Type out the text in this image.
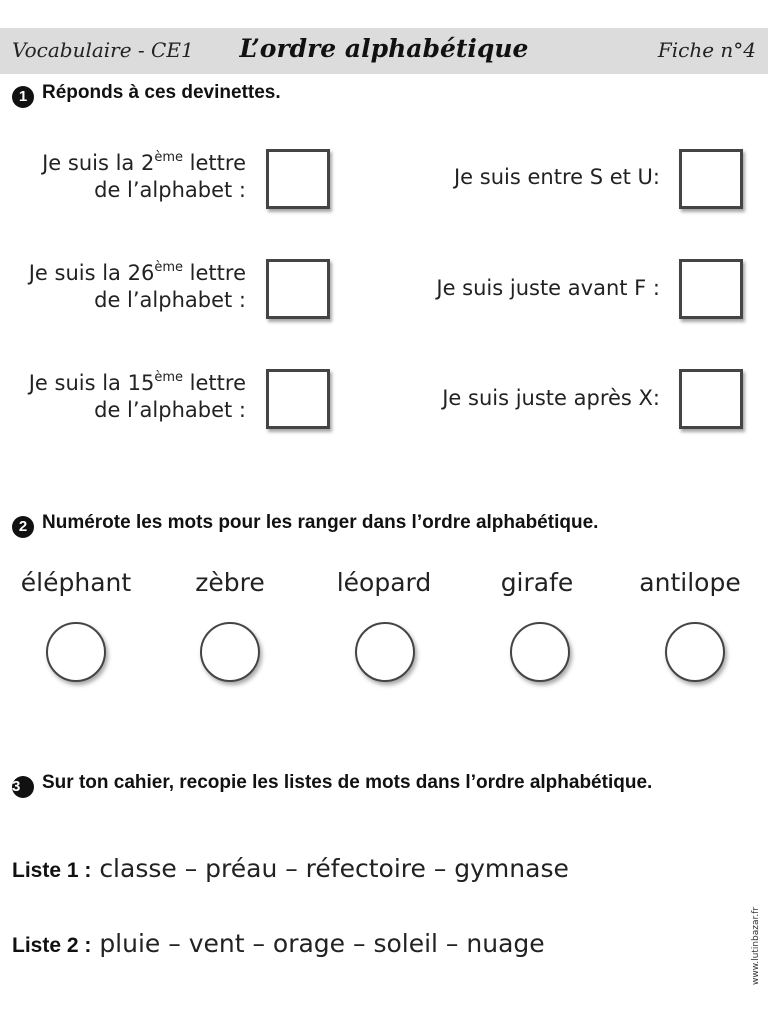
Vocabulaire - CE1	L’ordre alphabétique	Fiche n°4
1 Réponds à ces devinettes.
Je suis la 2ème lettre
de l’alphabet :
Je suis la 26ème lettre
de l’alphabet :
Je suis la 15ème lettre
de l’alphabet :
Je suis entre S et U:
Je suis juste avant F :
Je suis juste après X:
2 Numérote les mots pour les ranger dans l’ordre alphabétique.
éléphant	zèbre	léopard	girafe	antilope
3 Sur ton cahier, recopie les listes de mots dans l’ordre alphabétique.
Liste 1 : classe – préau – réfectoire – gymnase
Liste 2 : pluie – vent – orage – soleil – nuage	www.lutinbazar.fr
